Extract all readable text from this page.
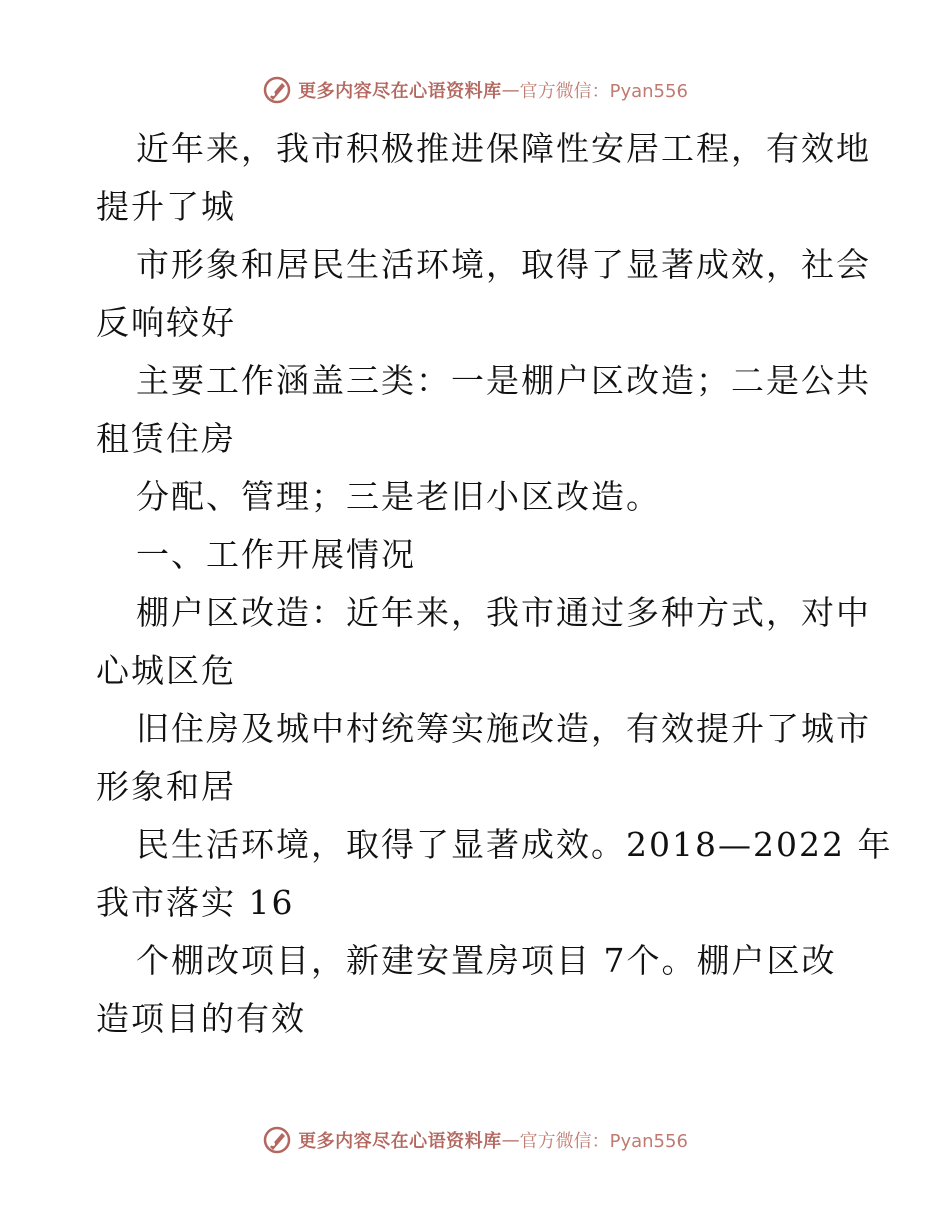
更多内容尽在心语资料库 — 官方微信：Pyan556

近年来，我市积极推进保障性安居工程，有效地

提升了城

市形象和居民生活环境，取得了显著成效，社会

反响较好

主要工作涵盖三类：一是棚户区改造；二是公共

租赁住房

分配、管理；三是老旧小区改造。

一、工作开展情况

棚户区改造：近年来，我市通过多种方式，对中

心城区危

旧住房及城中村统筹实施改造，有效提升了城市

形象和居

民生活环境，取得了显著成效。2018—2022 年

我市落实 16

个棚改项目，新建安置房项目 7个。棚户区改

造项目的有效

更多内容尽在心语资料库 — 官方微信：Pyan556
